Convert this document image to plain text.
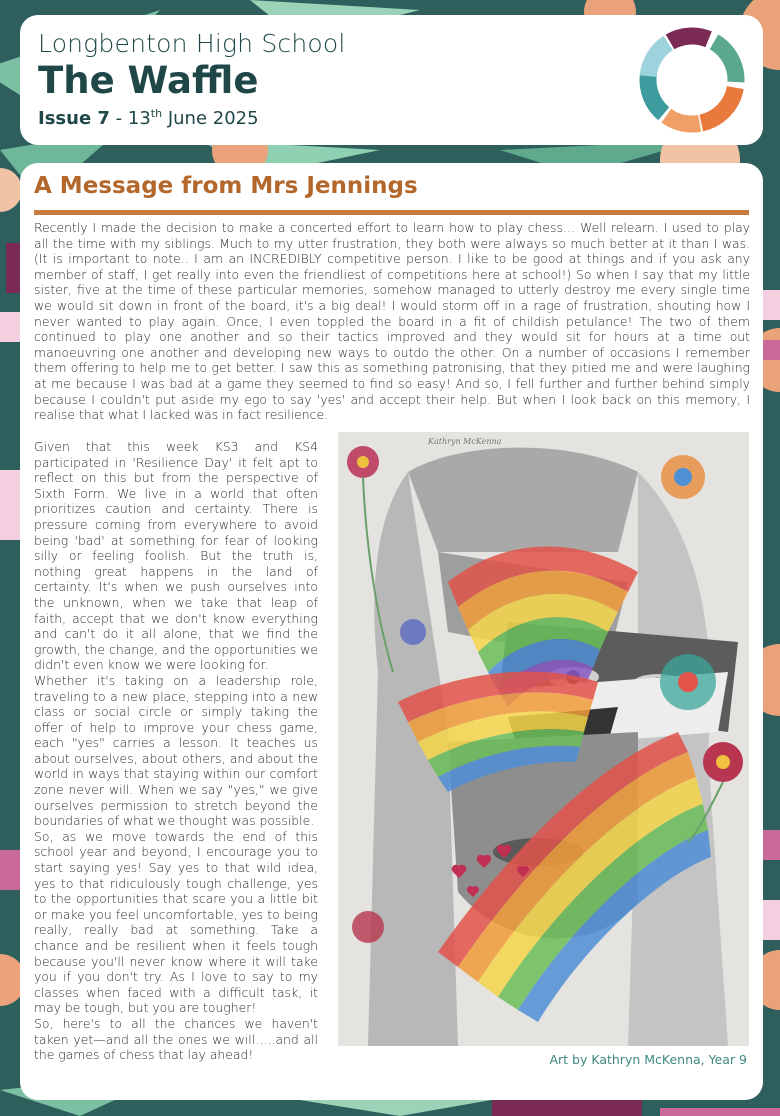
Longbenton High School
The Waffle
Issue 7 - 13th June 2025
A Message from Mrs Jennings

Recently I made the decision to make a concerted effort to learn how to play chess… Well relearn. I used to play all the time with my siblings. Much to my utter frustration, they both were always so much better at it than I was. (It is important to note.. I am an INCREDIBLY competitive person. I like to be good at things and if you ask any member of staff, I get really into even the friendliest of competitions here at school!) So when I say that my little sister, five at the time of these particular memories, somehow managed to utterly destroy me every single time we would sit down in front of the board, it's a big deal! I would storm off in a rage of frustration, shouting how I never wanted to play again. Once, I even toppled the board in a fit of childish petulance! The two of them continued to play one another and so their tactics improved and they would sit for hours at a time out manoeuvring one another and developing new ways to outdo the other. On a number of occasions I remember them offering to help me to get better. I saw this as something patronising, that they pitied me and were laughing at me because I was bad at a game they seemed to find so easy! And so, I fell further and further behind simply because I couldn't put aside my ego to say 'yes' and accept their help. But when I look back on this memory, I realise that what I lacked was in fact resilience.

Given that this week KS3 and KS4 participated in 'Resilience Day' it felt apt to reflect on this but from the perspective of Sixth Form. We live in a world that often prioritizes caution and certainty. There is pressure coming from everywhere to avoid being 'bad' at something for fear of looking silly or feeling foolish. But the truth is, nothing great happens in the land of certainty. It's when we push ourselves into the unknown, when we take that leap of faith, accept that we don't know everything and can't do it all alone, that we find the growth, the change, and the opportunities we didn't even know we were looking for.

Whether it's taking on a leadership role, traveling to a new place, stepping into a new class or social circle or simply taking the offer of help to improve your chess game, each "yes" carries a lesson. It teaches us about ourselves, about others, and about the world in ways that staying within our comfort zone never will. When we say "yes," we give ourselves permission to stretch beyond the boundaries of what we thought was possible.

So, as we move towards the end of this school year and beyond, I encourage you to start saying yes! Say yes to that wild idea, yes to that ridiculously tough challenge, yes to the opportunities that scare you a little bit or make you feel uncomfortable, yes to being really, really bad at something. Take a chance and be resilient when it feels tough because you'll never know where it will take you if you don't try. As I love to say to my classes when faced with a difficult task, it may be tough, but you are tougher!

So, here's to all the chances we haven't taken yet—and all the ones we will…..and all the games of chess that lay ahead!

Kathryn McKenna
Art by Kathryn McKenna, Year 9
